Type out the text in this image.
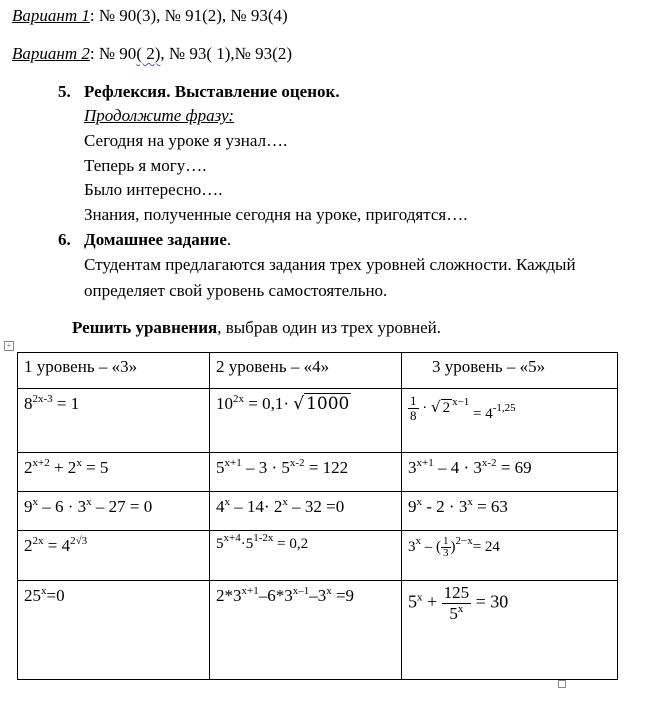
Вариант 1: № 90(3), № 91(2), № 93(4)
Вариант 2: № 90( 2), № 93( 1),№ 93(2)
5. Рефлексия. Выставление оценок.
Продолжите фразу:
Сегодня на уроке я узнал….
Теперь я могу….
Было интересно….
Знания, полученные сегодня на уроке, пригодятся….
6. Домашнее задание.
Студентам предлагаются задания трех уровней сложности. Каждый
определяет свой уровень самостоятельно.
Решить уравнения, выбрав один из трех уровней.
+
1 уровень – «3»	2 уровень – «4»	3 уровень – «5»
$8^{2x-3} = 1$	$10^{2x} = 0,1\cdot$ √ 1000	$\frac{1}{8}$ · √ 2 $^{x-1} = 4^{-1,25}$
$2^{x+2} + 2^x = 5$	$5^{x+1} - 3 \cdot 5^{x-2} = 122$	$3^{x+1} - 4 \cdot 3^{x-2} = 69$
$9^x - 6 \cdot 3^x - 27 = 0$	$4^x - 14\cdot 2^x - 32 =0$	$9^x - 2 \cdot 3^x = 63$
$2^{2x} = 4^{2√3}$	$5^{x+4}\cdot 5^{1-2x} = 0,2$	3$^x$ – ( $\frac{1}{3} )^{2-x}= 24$
$25^x=0$	$2*3^{x+1}-6*3^{x-1}-3^x =9$	$5^x + \frac{125}{5^x} = 30$
